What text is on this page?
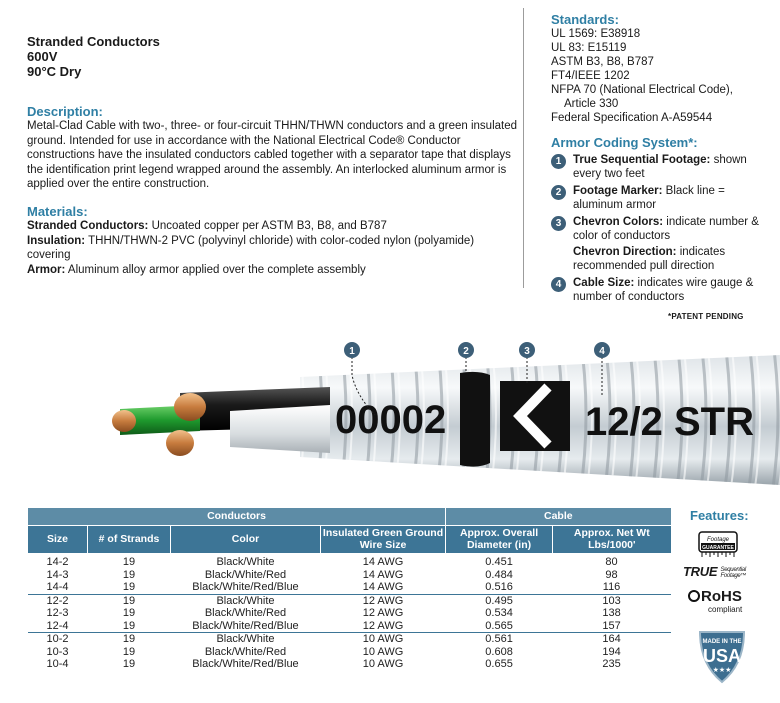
Stranded Conductors
600V
90°C Dry
Description:
Metal-Clad Cable with two-, three- or four-circuit THHN/THWN conductors and a green insulated ground. Intended for use in accordance with the National Electrical Code® Conductor constructions have the insulated conductors cabled together with a separator tape that displays the identification print legend wrapped around the assembly. An interlocked aluminum armor is applied over the entire construction.
Materials:
Stranded Conductors: Uncoated copper per ASTM B3, B8, and B787
Insulation: THHN/THWN-2 PVC (polyvinyl chloride) with color-coded nylon (polyamide) covering
Armor: Aluminum alloy armor applied over the complete assembly
Standards:
UL 1569: E38918
UL 83: E15119
ASTM B3, B8, B787
FT4/IEEE 1202
NFPA 70 (National Electrical Code),
Article 330
Federal Specification A-A59544
Armor Coding System*:
1	True Sequential Footage: shown every two feet
2	Footage Marker: Black line = aluminum armor
3	Chevron Colors: indicate number & color of conductors
Chevron Direction: indicates recommended pull direction
4	Cable Size: indicates wire gauge & number of conductors
*PATENT PENDING
00002	12/2 STR
1	2	3	4
Conductors				Cable	
Size	# of Strands	Color	Insulated Green Ground Wire Size	Approx. Overall Diameter (in)	Approx. Net Wt Lbs/1000'
14-2	19	Black/White	14 AWG	0.451	80
14-3	19	Black/White/Red	14 AWG	0.484	98
14-4	19	Black/White/Red/Blue	14 AWG	0.516	116
12-2	19	Black/White	12 AWG	0.495	103
12-3	19	Black/White/Red	12 AWG	0.534	138
12-4	19	Black/White/Red/Blue	12 AWG	0.565	157
10-2	19	Black/White	10 AWG	0.561	164
10-3	19	Black/White/Red	10 AWG	0.608	194
10-4	19	Black/White/Red/Blue	10 AWG	0.655	235
Features:
Footage
GUARANTEE
TRUE Sequential
Footage™
RoHS
compliant
MADE IN THE
USA
★★★
